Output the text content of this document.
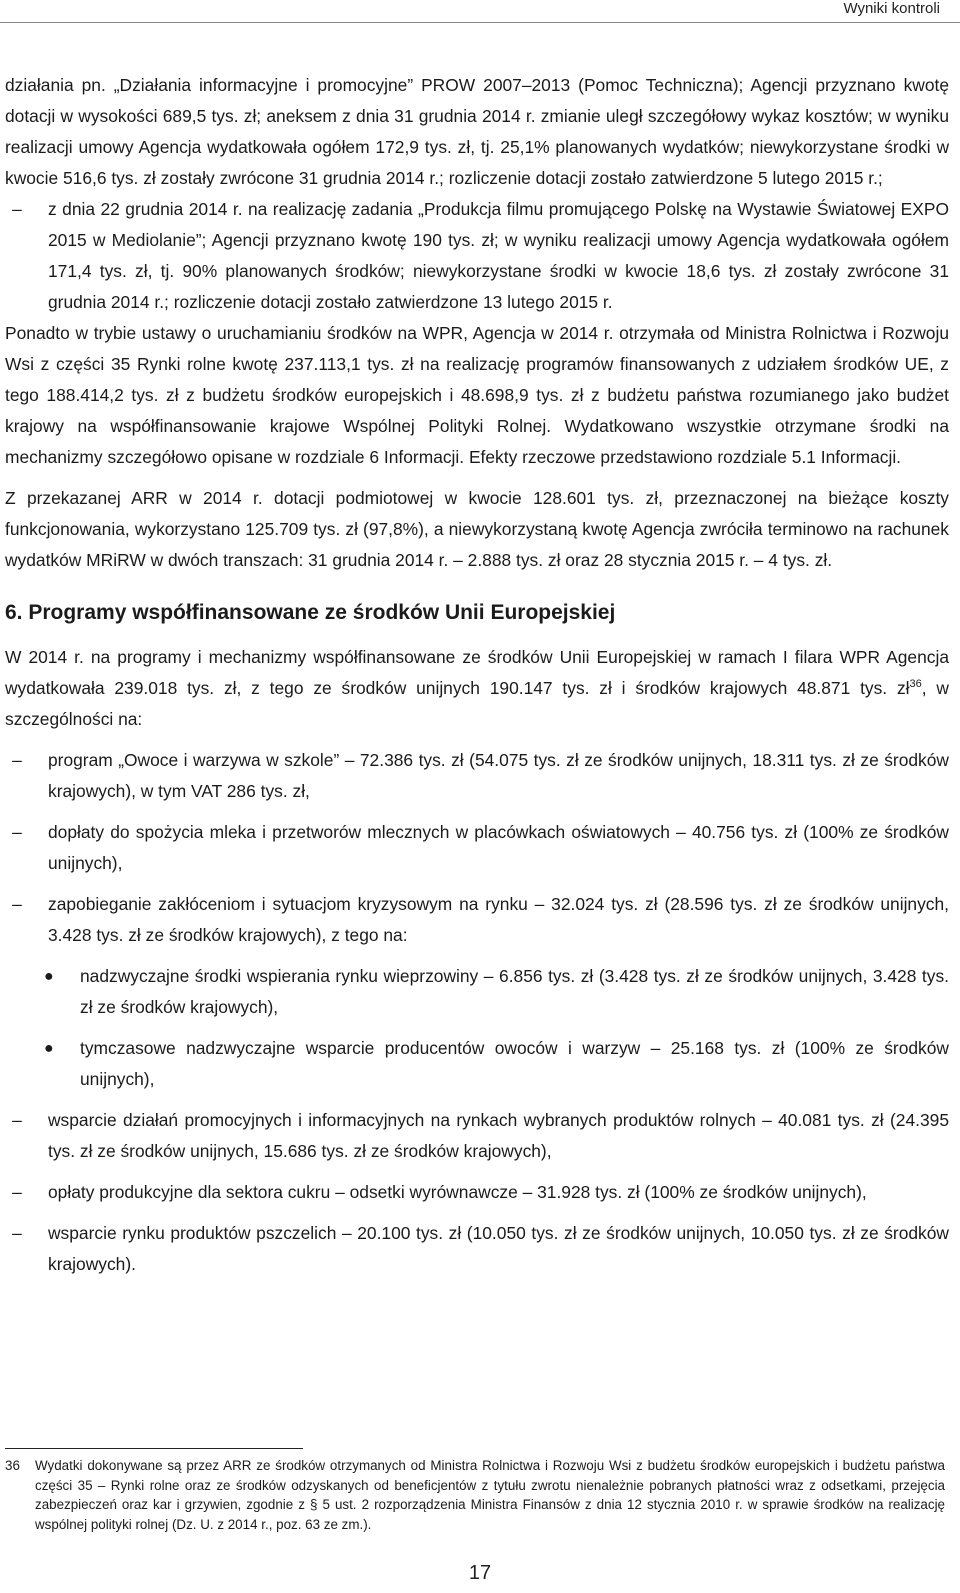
Wyniki kontroli

działania pn. „Działania informacyjne i promocyjne” PROW 2007–2013 (Pomoc Techniczna); Agencji przyznano kwotę dotacji w wysokości 689,5 tys. zł; aneksem z dnia 31 grudnia 2014 r. zmianie uległ szczegółowy wykaz kosztów; w wyniku realizacji umowy Agencja wydatkowała ogółem 172,9 tys. zł, tj. 25,1% planowanych wydatków; niewykorzystane środki w kwocie 516,6 tys. zł zostały zwrócone 31 grudnia 2014 r.; rozliczenie dotacji zostało zatwierdzone 5 lutego 2015 r.;

–	z dnia 22 grudnia 2014 r. na realizację zadania „Produkcja filmu promującego Polskę na Wystawie Światowej EXPO 2015 w Mediolanie”; Agencji przyznano kwotę 190 tys. zł; w wyniku realizacji umowy Agencja wydatkowała ogółem 171,4 tys. zł, tj. 90% planowanych środków; niewykorzystane środki w kwocie 18,6 tys. zł zostały zwrócone 31 grudnia 2014 r.; rozliczenie dotacji zostało zatwierdzone 13 lutego 2015 r.

Ponadto w trybie ustawy o uruchamianiu środków na WPR, Agencja w 2014 r. otrzymała od Ministra Rolnictwa i Rozwoju Wsi z części 35 Rynki rolne kwotę 237.113,1 tys. zł na realizację programów finansowanych z udziałem środków UE, z tego 188.414,2 tys. zł z budżetu środków europejskich i 48.698,9 tys. zł z budżetu państwa rozumianego jako budżet krajowy na współfinansowanie krajowe Wspólnej Polityki Rolnej. Wydatkowano wszystkie otrzymane środki na mechanizmy szczegółowo opisane w rozdziale 6 Informacji. Efekty rzeczowe przedstawiono rozdziale 5.1 Informacji.

Z przekazanej ARR w 2014 r. dotacji podmiotowej w kwocie 128.601 tys. zł, przeznaczonej na bieżące koszty funkcjonowania, wykorzystano 125.709 tys. zł (97,8%), a niewykorzystaną kwotę Agencja zwróciła terminowo na rachunek wydatków MRiRW w dwóch transzach: 31 grudnia 2014 r. – 2.888 tys. zł oraz 28 stycznia 2015 r. – 4 tys. zł.

6. Programy współfinansowane ze środków Unii Europejskiej

W 2014 r. na programy i mechanizmy współfinansowane ze środków Unii Europejskiej w ramach I filara WPR Agencja wydatkowała 239.018 tys. zł, z tego ze środków unijnych 190.147 tys. zł i środków krajowych 48.871 tys. $zł^{36}$, w szczególności na:

–	program „Owoce i warzywa w szkole” – 72.386 tys. zł (54.075 tys. zł ze środków unijnych, 18.311 tys. zł ze środków krajowych), w tym VAT 286 tys. zł,
–	dopłaty do spożycia mleka i przetworów mlecznych w placówkach oświatowych – 40.756 tys. zł (100% ze środków unijnych),
–	zapobieganie zakłóceniom i sytuacjom kryzysowym na rynku – 32.024 tys. zł (28.596 tys. zł ze środków unijnych, 3.428 tys. zł ze środków krajowych), z tego na:
● nadzwyczajne środki wspierania rynku wieprzowiny – 6.856 tys. zł (3.428 tys. zł ze środków unijnych, 3.428 tys. zł ze środków krajowych),
● tymczasowe nadzwyczajne wsparcie producentów owoców i warzyw – 25.168 tys. zł (100% ze środków unijnych),
–	wsparcie działań promocyjnych i informacyjnych na rynkach wybranych produktów rolnych – 40.081 tys. zł (24.395 tys. zł ze środków unijnych, 15.686 tys. zł ze środków krajowych),
–	opłaty produkcyjne dla sektora cukru – odsetki wyrównawcze – 31.928 tys. zł (100% ze środków unijnych),
–	wsparcie rynku produktów pszczelich – 20.100 tys. zł (10.050 tys. zł ze środków unijnych, 10.050 tys. zł ze środków krajowych).
36 Wydatki dokonywane są przez ARR ze środków otrzymanych od Ministra Rolnictwa i Rozwoju Wsi z budżetu środków europejskich i budżetu państwa części 35 – Rynki rolne oraz ze środków odzyskanych od beneficjentów z tytułu zwrotu nienależnie pobranych płatności wraz z odsetkami, przejęcia zabezpieczeń oraz kar i grzywien, zgodnie z § 5 ust. 2 rozporządzenia Ministra Finansów z dnia 12 stycznia 2010 r. w sprawie środków na realizację wspólnej polityki rolnej (Dz. U. z 2014 r., poz. 63 ze zm.).
17
